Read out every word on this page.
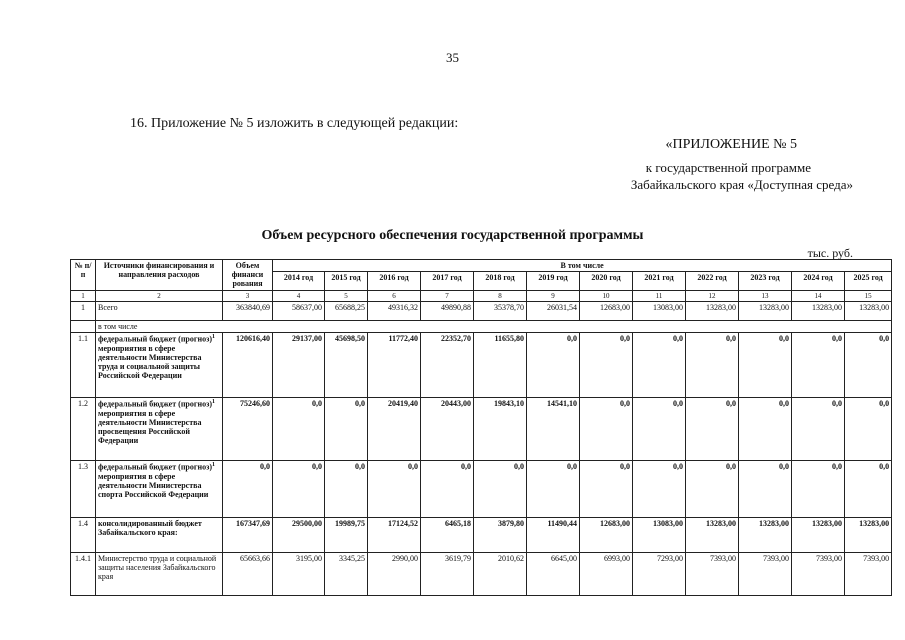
35
16. Приложение № 5 изложить в следующей редакции:
«ПРИЛОЖЕНИЕ № 5
к государственной программе
Забайкальского края «Доступная среда»
Объем ресурсного обеспечения государственной программы
тыс. руб.
№ п/п	Источники финансирования и направления расходов	Объем финанси рования	В том числе											
			2014 год	2015 год	2016 год	2017 год	2018 год	2019 год	2020 год	2021 год	2022 год	2023 год	2024 год	2025 год
1	2	3	4	5	6	7	8	9	10	11	12	13	14	15
1	Всего	363840,69	58637,00	65688,25	49316,32	49890,88	35378,70	26031,54	12683,00	13083,00	13283,00	13283,00	13283,00	13283,00
	в том числе													
1.1	федеральный бюджет (прогноз)$^1$ мероприятия в сфере деятельности Министерства труда и социальной защиты Российской Федерации	120616,40	29137,00	45698,50	11772,40	22352,70	11655,80	0,0	0,0	0,0	0,0	0,0	0,0	0,0
1.2	федеральный бюджет (прогноз)$^1$ мероприятия в сфере деятельности Министерства просвещения Российской Федерации	75246,60	0,0	0,0	20419,40	20443,00	19843,10	14541,10	0,0	0,0	0,0	0,0	0,0	0,0
1.3	федеральный бюджет (прогноз)$^1$ мероприятия в сфере деятельности Министерства спорта Российской Федерации	0,0	0,0	0,0	0,0	0,0	0,0	0,0	0,0	0,0	0,0	0,0	0,0	0,0
1.4	консолидированный бюджет Забайкальского края:	167347,69	29500,00	19989,75	17124,52	6465,18	3879,80	11490,44	12683,00	13083,00	13283,00	13283,00	13283,00	13283,00
1.4.1	Министерство труда и социальной защиты населения Забайкальского края	65663,66	3195,00	3345,25	2990,00	3619,79	2010,62	6645,00	6993,00	7293,00	7393,00	7393,00	7393,00	7393,00
